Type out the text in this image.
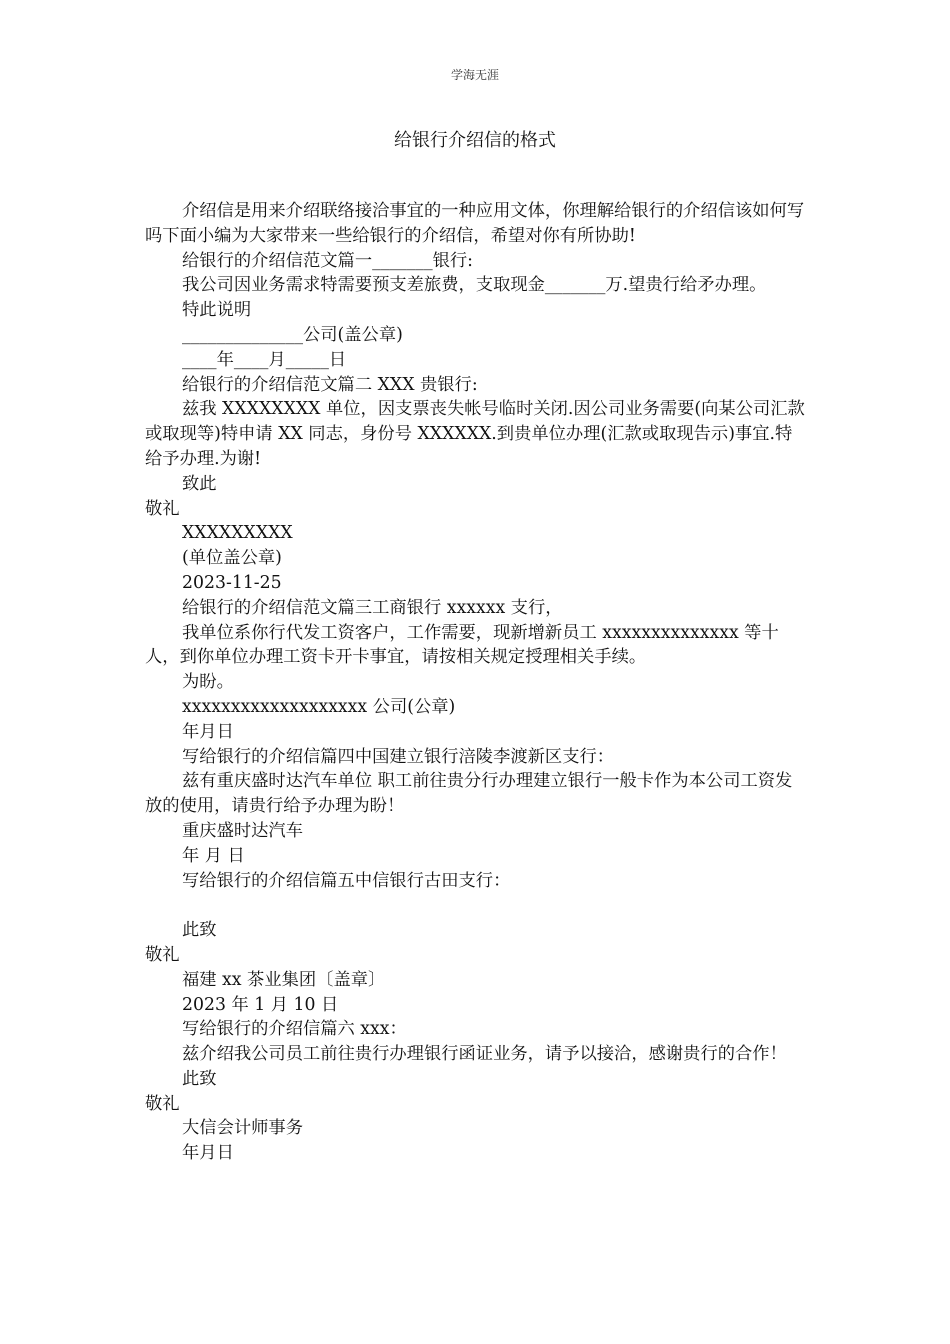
学海无涯
给银行介绍信的格式

介绍信是用来介绍联络接洽事宜的一种应用文体，你理解给银行的介绍信该如何写吗下面小编为大家带来一些给银行的介绍信，希望对你有所协助!

给银行的介绍信范文篇一_______银行:

我公司因业务需求特需要预支差旅费，支取现金_______万.望贵行给矛办理。

特此说明

______________公司(盖公章)

____年____月_____日

给银行的介绍信范文篇二 XXX 贵银行:

兹我 XXXXXXXX 单位，因支票丧失帐号临时关闭.因公司业务需要(向某公司汇款或取现等)特申请 XX 同志，身份号 XXXXXX.到贵单位办理(汇款或取现告示)事宜.特给予办理.为谢!

致此

敬礼

XXXXXXXXX

(单位盖公章)

2023-11-25

给银行的介绍信范文篇三工商银行 xxxxxx 支行，

我单位系你行代发工资客户，工作需要，现新增新员工 xxxxxxxxxxxxxx 等十人，到你单位办理工资卡开卡事宜，请按相关规定授理相关手续。

为盼。

xxxxxxxxxxxxxxxxxxx 公司(公章)

年月日

写给银行的介绍信篇四中国建立银行涪陵李渡新区支行：

兹有重庆盛时达汽车单位 职工前往贵分行办理建立银行一般卡作为本公司工资发放的使用，请贵行给予办理为盼！

重庆盛时达汽车

年 月 日

写给银行的介绍信篇五中信银行古田支行：

此致

敬礼

福建 xx 茶业集团〔盖章〕

2023 年 1 月 10 日

写给银行的介绍信篇六 xxx：

兹介绍我公司员工前往贵行办理银行函证业务，请予以接洽，感谢贵行的合作！

此致

敬礼

大信会计师事务

年月日
